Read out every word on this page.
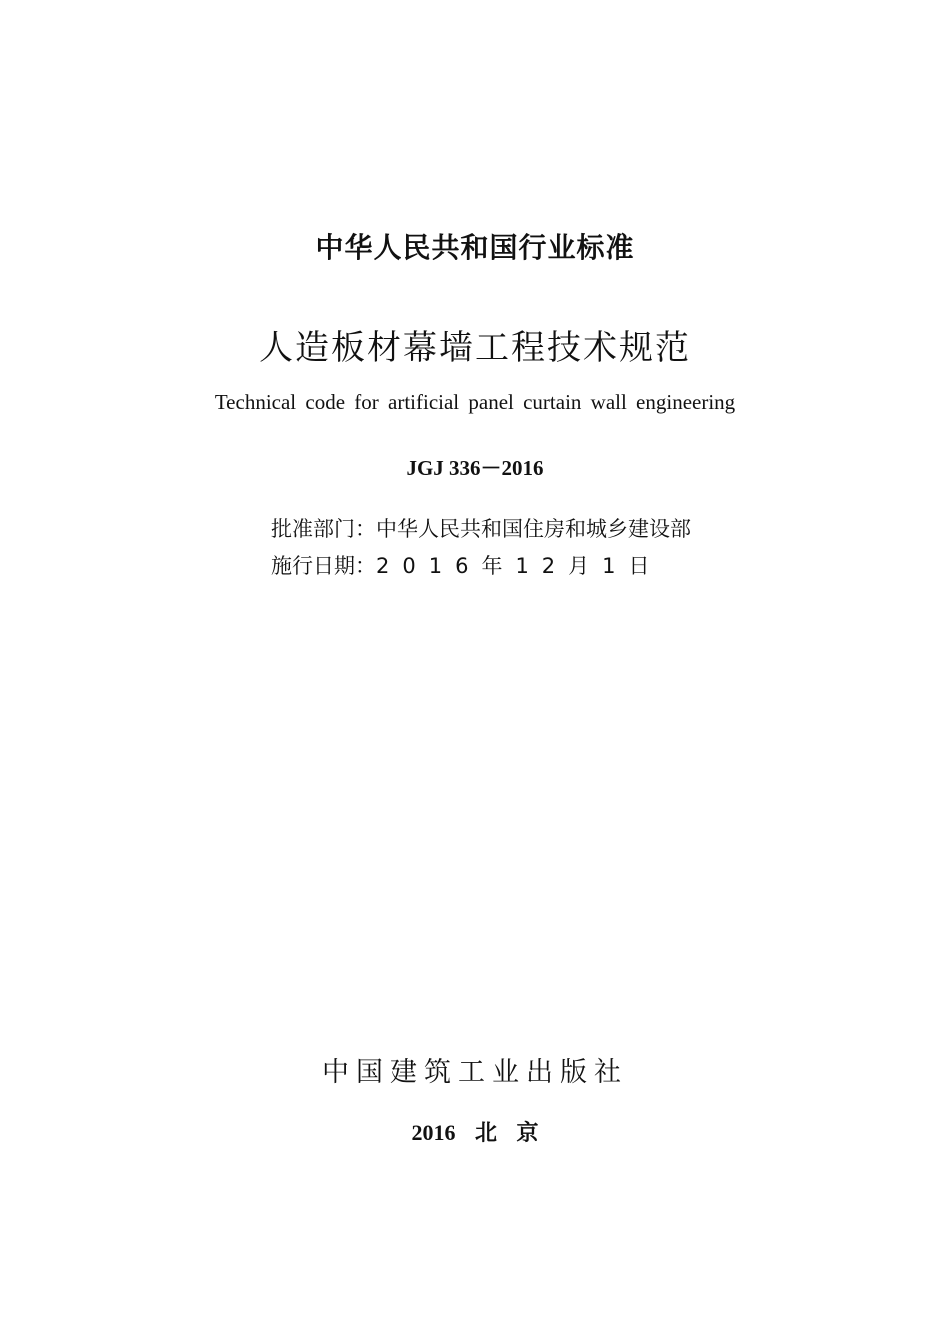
中华人民共和国行业标准
人造板材幕墙工程技术规范
Technical code for artificial panel curtain wall engineering
JGJ 336－2016
批准部门：中华人民共和国住房和城乡建设部
施行日期：2016年12月1日
中国建筑工业出版社
2016 北 京
